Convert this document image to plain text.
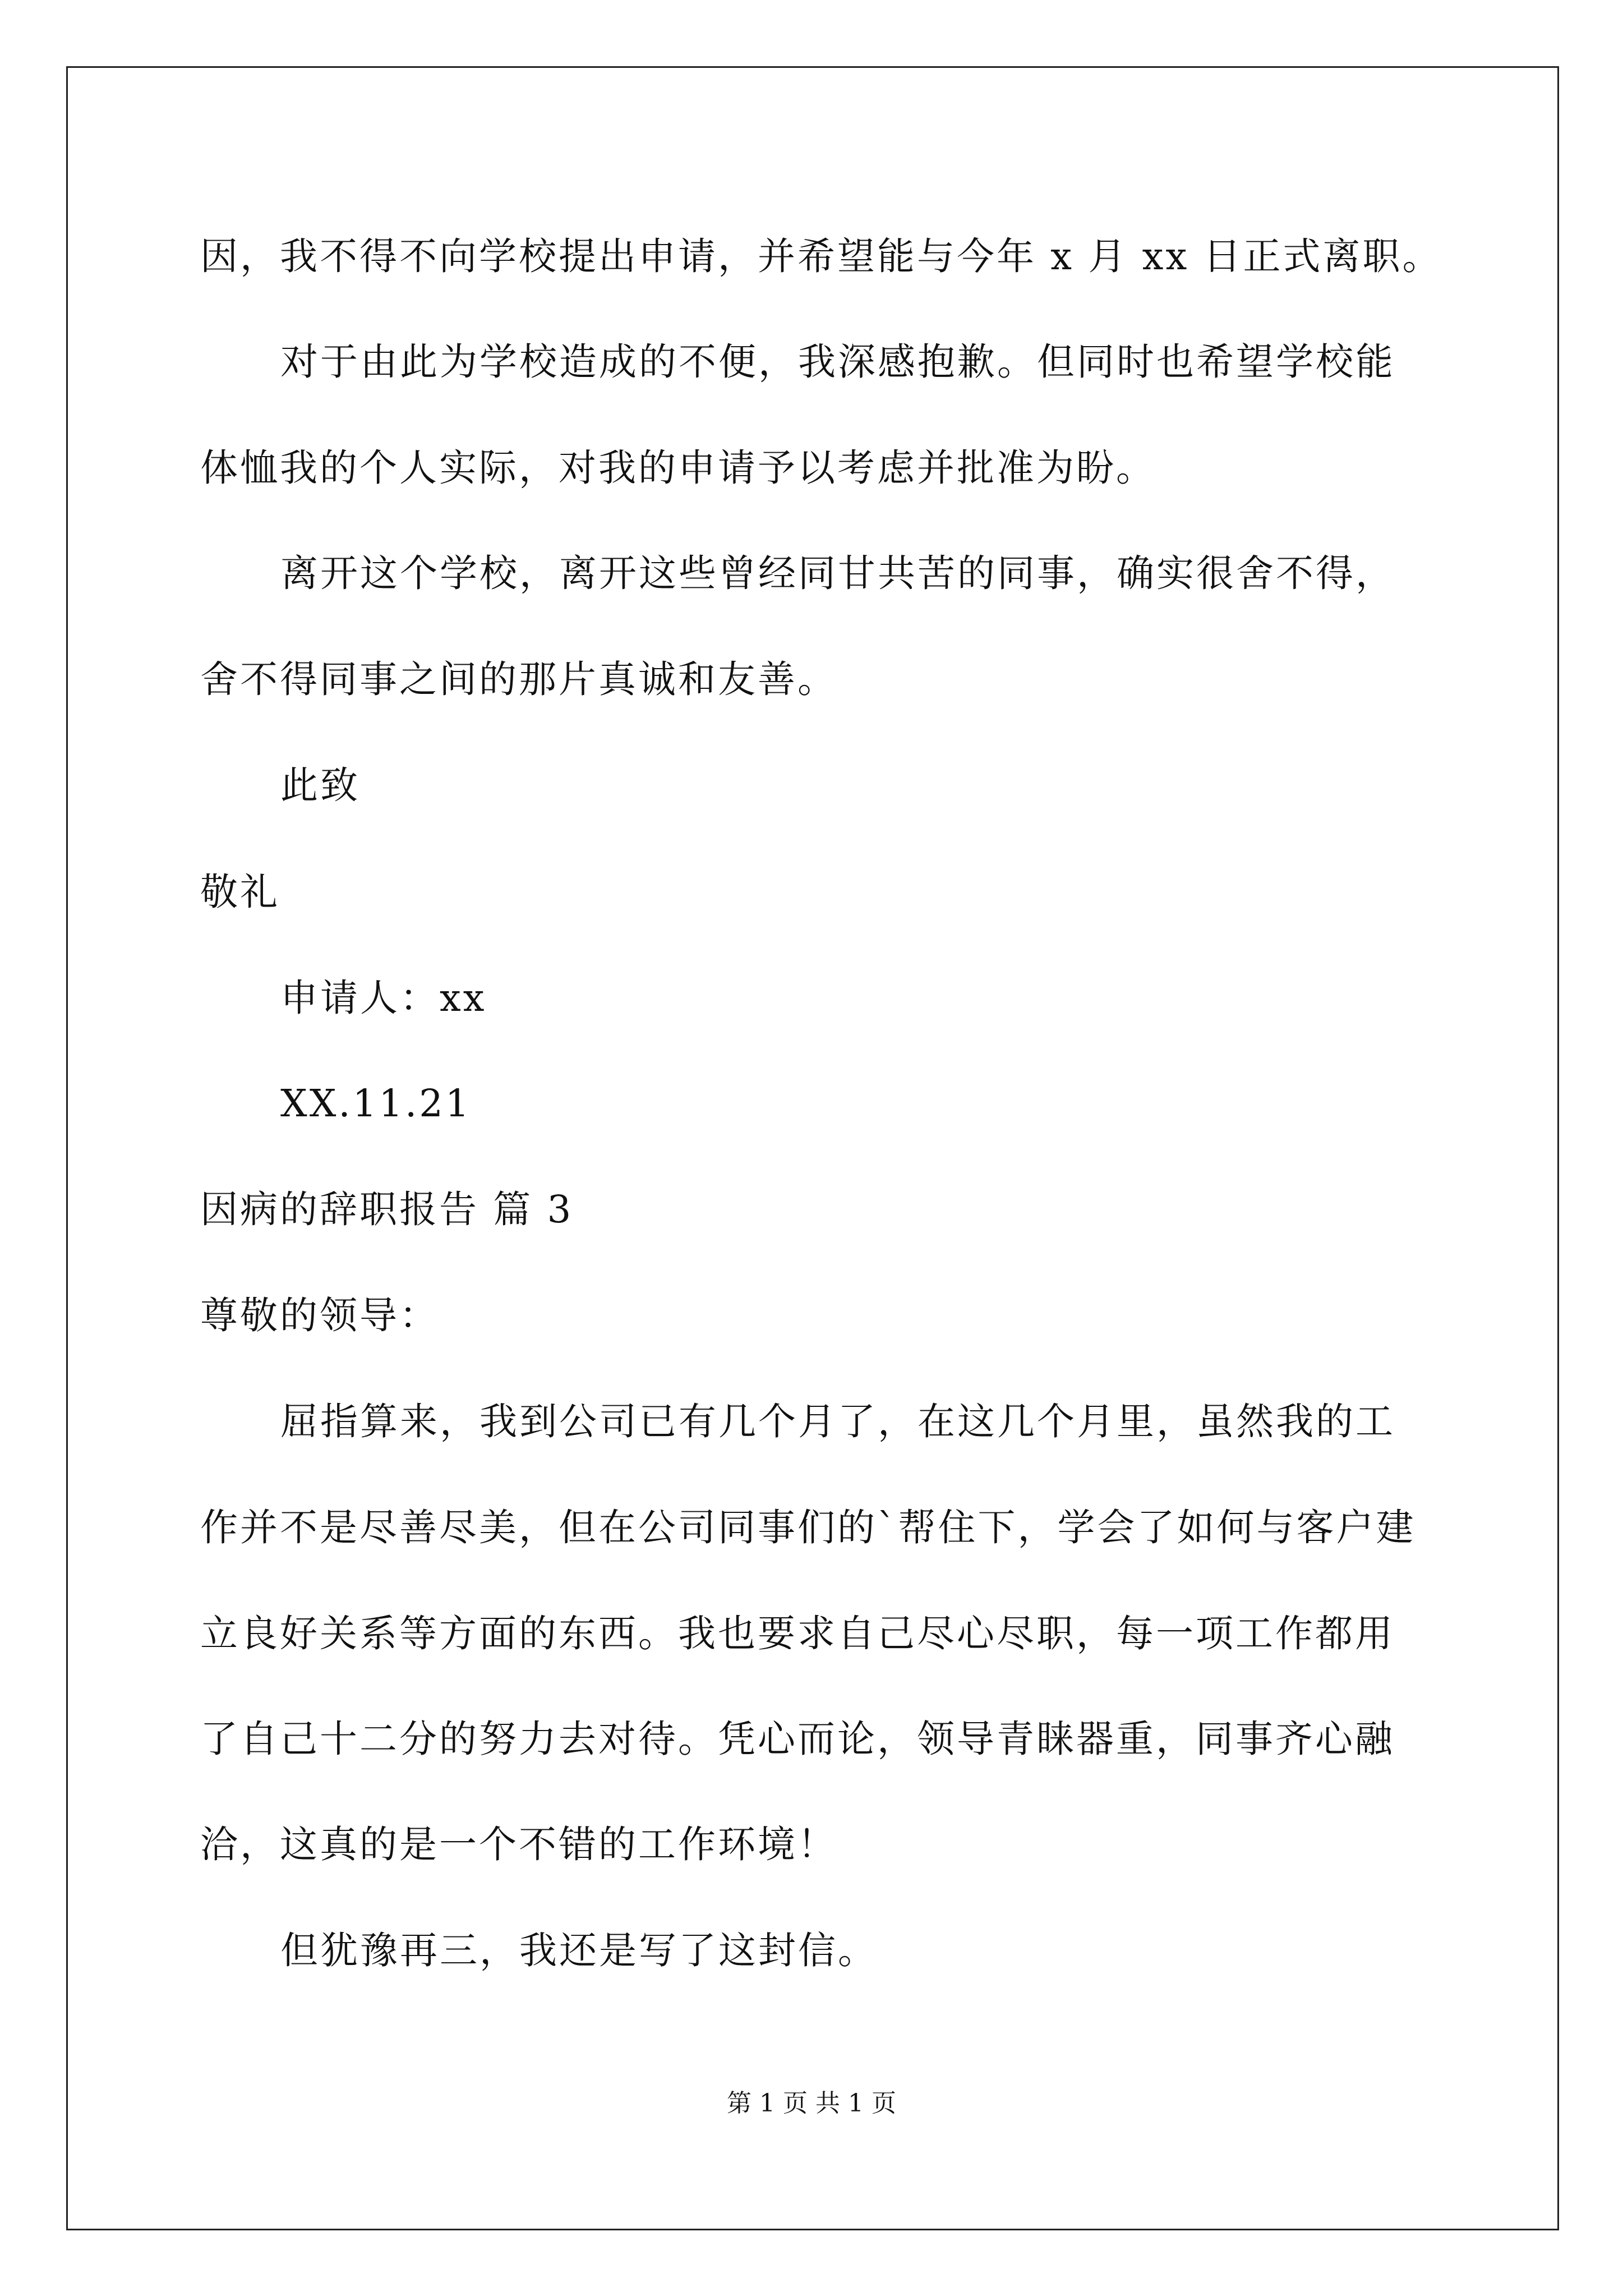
因，我不得不向学校提出申请，并希望能与今年 x 月 xx 日正式离职。
对于由此为学校造成的不便，我深感抱歉。但同时也希望学校能
体恤我的个人实际，对我的申请予以考虑并批准为盼。
离开这个学校，离开这些曾经同甘共苦的同事，确实很舍不得，
舍不得同事之间的那片真诚和友善。
此致
敬礼
申请人：xx
XX.11.21
因病的辞职报告 篇 3
尊敬的领导：
屈指算来，我到公司已有几个月了，在这几个月里，虽然我的工
作并不是尽善尽美，但在公司同事们的`帮住下，学会了如何与客户建
立良好关系等方面的东西。我也要求自己尽心尽职，每一项工作都用
了自己十二分的努力去对待。凭心而论，领导青睐器重，同事齐心融
洽，这真的是一个不错的工作环境！
但犹豫再三，我还是写了这封信。
第 1 页 共 1 页
